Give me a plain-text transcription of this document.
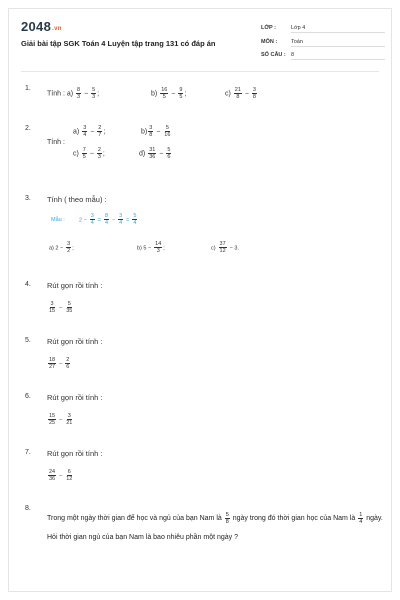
2048.vn
Giải bài tập SGK Toán 4 Luyện tập trang 131 có đáp án
LỚP :	Lớp 4
MÔN :	Toán
SỐ CÂU : 8
1.
Tính : $a) \frac{8}{3} - \frac{5}{3}$ ;	$b) \frac{16}{5} - \frac{9}{5}$ ;	$c) \frac{21}{8} - \frac{3}{8}$
2.
Tính :
$a) \frac{3}{4} - \frac{2}{7}$ ;	$b) \frac{3}{8} - \frac{5}{16}$
$c) \frac{7}{5} - \frac{2}{3}$ ;	$d) \frac{31}{36} - \frac{5}{6}$
3. Tính ( theo mẫu) :
Mẫu :	$2 - \frac{3}{4} = \frac{8}{4} - \frac{3}{4} = \frac{5}{4}$
a) $2 - \frac{3}{2}$ ;	b) $5 - \frac{14}{3}$ ;	$c) \frac{37}{12} - 3$.
4. Rút gọn rồi tính :
$\frac{3}{15} - \frac{5}{35}$
5. Rút gọn rồi tính :
$\frac{18}{27} - \frac{2}{6}$
6. Rút gọn rồi tính :
$\frac{15}{25} - \frac{3}{21}$
7. Rút gọn rồi tính :
$\frac{24}{36} - \frac{6}{12}$
8.
Trong một ngày thời gian để học và ngủ của bạn Nam là $\frac{5}{8}$ ngày trong đó thời gian học của Nam là $\frac{1}{4}$ ngày. Hỏi thời gian ngủ của bạn Nam là bao nhiêu phần một ngày ?
